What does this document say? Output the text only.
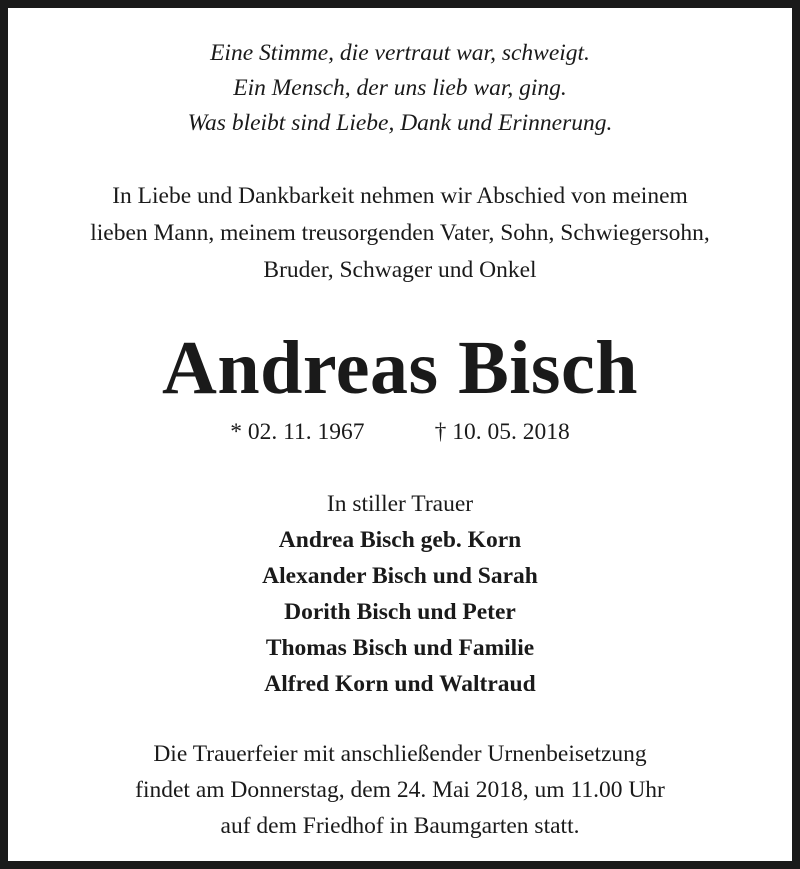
Eine Stimme, die vertraut war, schweigt.
Ein Mensch, der uns lieb war, ging.
Was bleibt sind Liebe, Dank und Erinnerung.
In Liebe und Dankbarkeit nehmen wir Abschied von meinem
lieben Mann, meinem treusorgenden Vater, Sohn, Schwiegersohn,
Bruder, Schwager und Onkel
Andreas Bisch
* 02. 11. 1967	† 10. 05. 2018
In stiller Trauer
Andrea Bisch geb. Korn
Alexander Bisch und Sarah
Dorith Bisch und Peter
Thomas Bisch und Familie
Alfred Korn und Waltraud
Die Trauerfeier mit anschließender Urnenbeisetzung
findet am Donnerstag, dem 24. Mai 2018, um 11.00 Uhr
auf dem Friedhof in Baumgarten statt.
